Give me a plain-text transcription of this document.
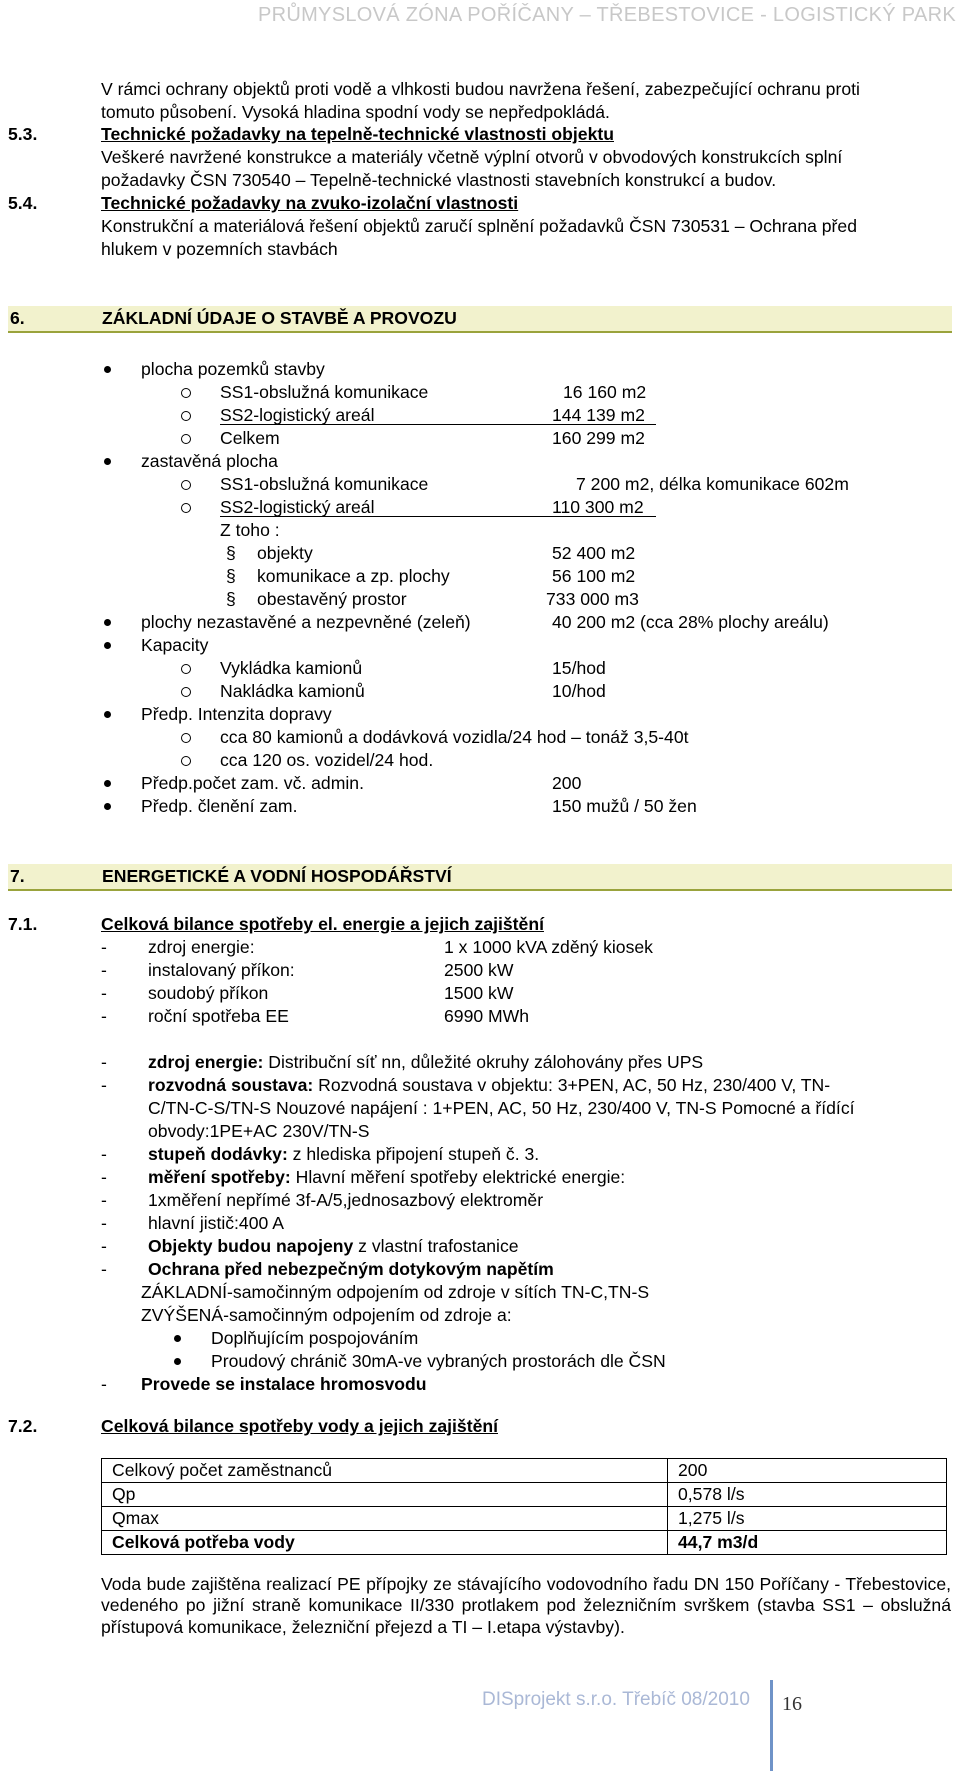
PRŮMYSLOVÁ ZÓNA POŘÍČANY – TŘEBESTOVICE - LOGISTICKÝ PARK
V rámci ochrany objektů proti vodě a vlhkosti budou navržena řešení, zabezpečující ochranu proti
tomuto působení. Vysoká hladina spodní vody se nepředpokládá.
5.3.	Technické požadavky na tepelně-technické vlastnosti objektu
Veškeré navržené konstrukce a materiály včetně výplní otvorů v obvodových konstrukcích splní
požadavky ČSN 730540 – Tepelně-technické vlastnosti stavebních konstrukcí a budov.
5.4.	Technické požadavky na zvuko-izolační vlastnosti
Konstrukční a materiálová řešení objektů zaručí splnění požadavků ČSN 730531 – Ochrana před
hlukem v pozemních stavbách
6.	ZÁKLADNÍ ÚDAJE O STAVBĚ A PROVOZU
plocha pozemků stavby
SS1-obslužná komunikace	16 160 m2
SS2-logistický areál	144 139 m2
Celkem	160 299 m2
zastavěná plocha
SS1-obslužná komunikace	7 200 m2, délka komunikace 602m
SS2-logistický areál	110 300 m2
Z toho :
§ objekty	52 400 m2
§ komunikace a zp. plochy	56 100 m2
§ obestavěný prostor	733 000 m3
plochy nezastavěné a nezpevněné (zeleň)	40 200 m2 (cca 28% plochy areálu)
Kapacity
Vykládka kamionů	15/hod
Nakládka kamionů	10/hod
Předp. Intenzita dopravy
cca 80 kamionů a dodávková vozidla/24 hod – tonáž 3,5-40t
cca 120 os. vozidel/24 hod.
Předp.počet zam. vč. admin.	200
Předp. členění zam.	150 mužů / 50 žen
7.	ENERGETICKÉ A VODNÍ HOSPODÁŘSTVÍ
7.1.	Celková bilance spotřeby el. energie a jejich zajištění
- zdroj energie:	1 x 1000 kVA zděný kiosek
- instalovaný příkon:	2500 kW
- soudobý příkon	1500 kW
- roční spotřeba EE	6990 MWh
- zdroj energie: Distribuční síť nn, důležité okruhy zálohovány přes UPS
- rozvodná soustava: Rozvodná soustava v objektu: 3+PEN, AC, 50 Hz, 230/400 V, TN-
C/TN-C-S/TN-S Nouzové napájení : 1+PEN, AC, 50 Hz, 230/400 V, TN-S Pomocné a řídící
obvody:1PE+AC 230V/TN-S
- stupeň dodávky: z hlediska připojení stupeň č. 3.
- měření spotřeby: Hlavní měření spotřeby elektrické energie:
- 1xměření nepřímé 3f-A/5,jednosazbový elektroměr
- hlavní jistič:400 A
- Objekty budou napojeny z vlastní trafostanice
- Ochrana před nebezpečným dotykovým napětím
ZÁKLADNÍ-samočinným odpojením od zdroje v sítích TN-C,TN-S
ZVÝŠENÁ-samočinným odpojením od zdroje a:
Doplňujícím pospojováním
Proudový chránič 30mA-ve vybraných prostorách dle ČSN
- Provede se instalace hromosvodu
7.2.	Celková bilance spotřeby vody a jejich zajištění
Celkový počet zaměstnanců	200
Qp	0,578 l/s
Qmax	1,275 l/s
Celková potřeba vody	44,7 m3/d
Voda bude zajištěna realizací PE přípojky ze stávajícího vodovodního řadu DN 150 Poříčany - Třebestovice, vedeného po jižní straně komunikace II/330 protlakem pod železničním svrškem (stavba SS1 – obslužná přístupová komunikace, železniční přejezd a TI – I.etapa výstavby).
DISprojekt s.r.o. Třebíč 08/2010 16
